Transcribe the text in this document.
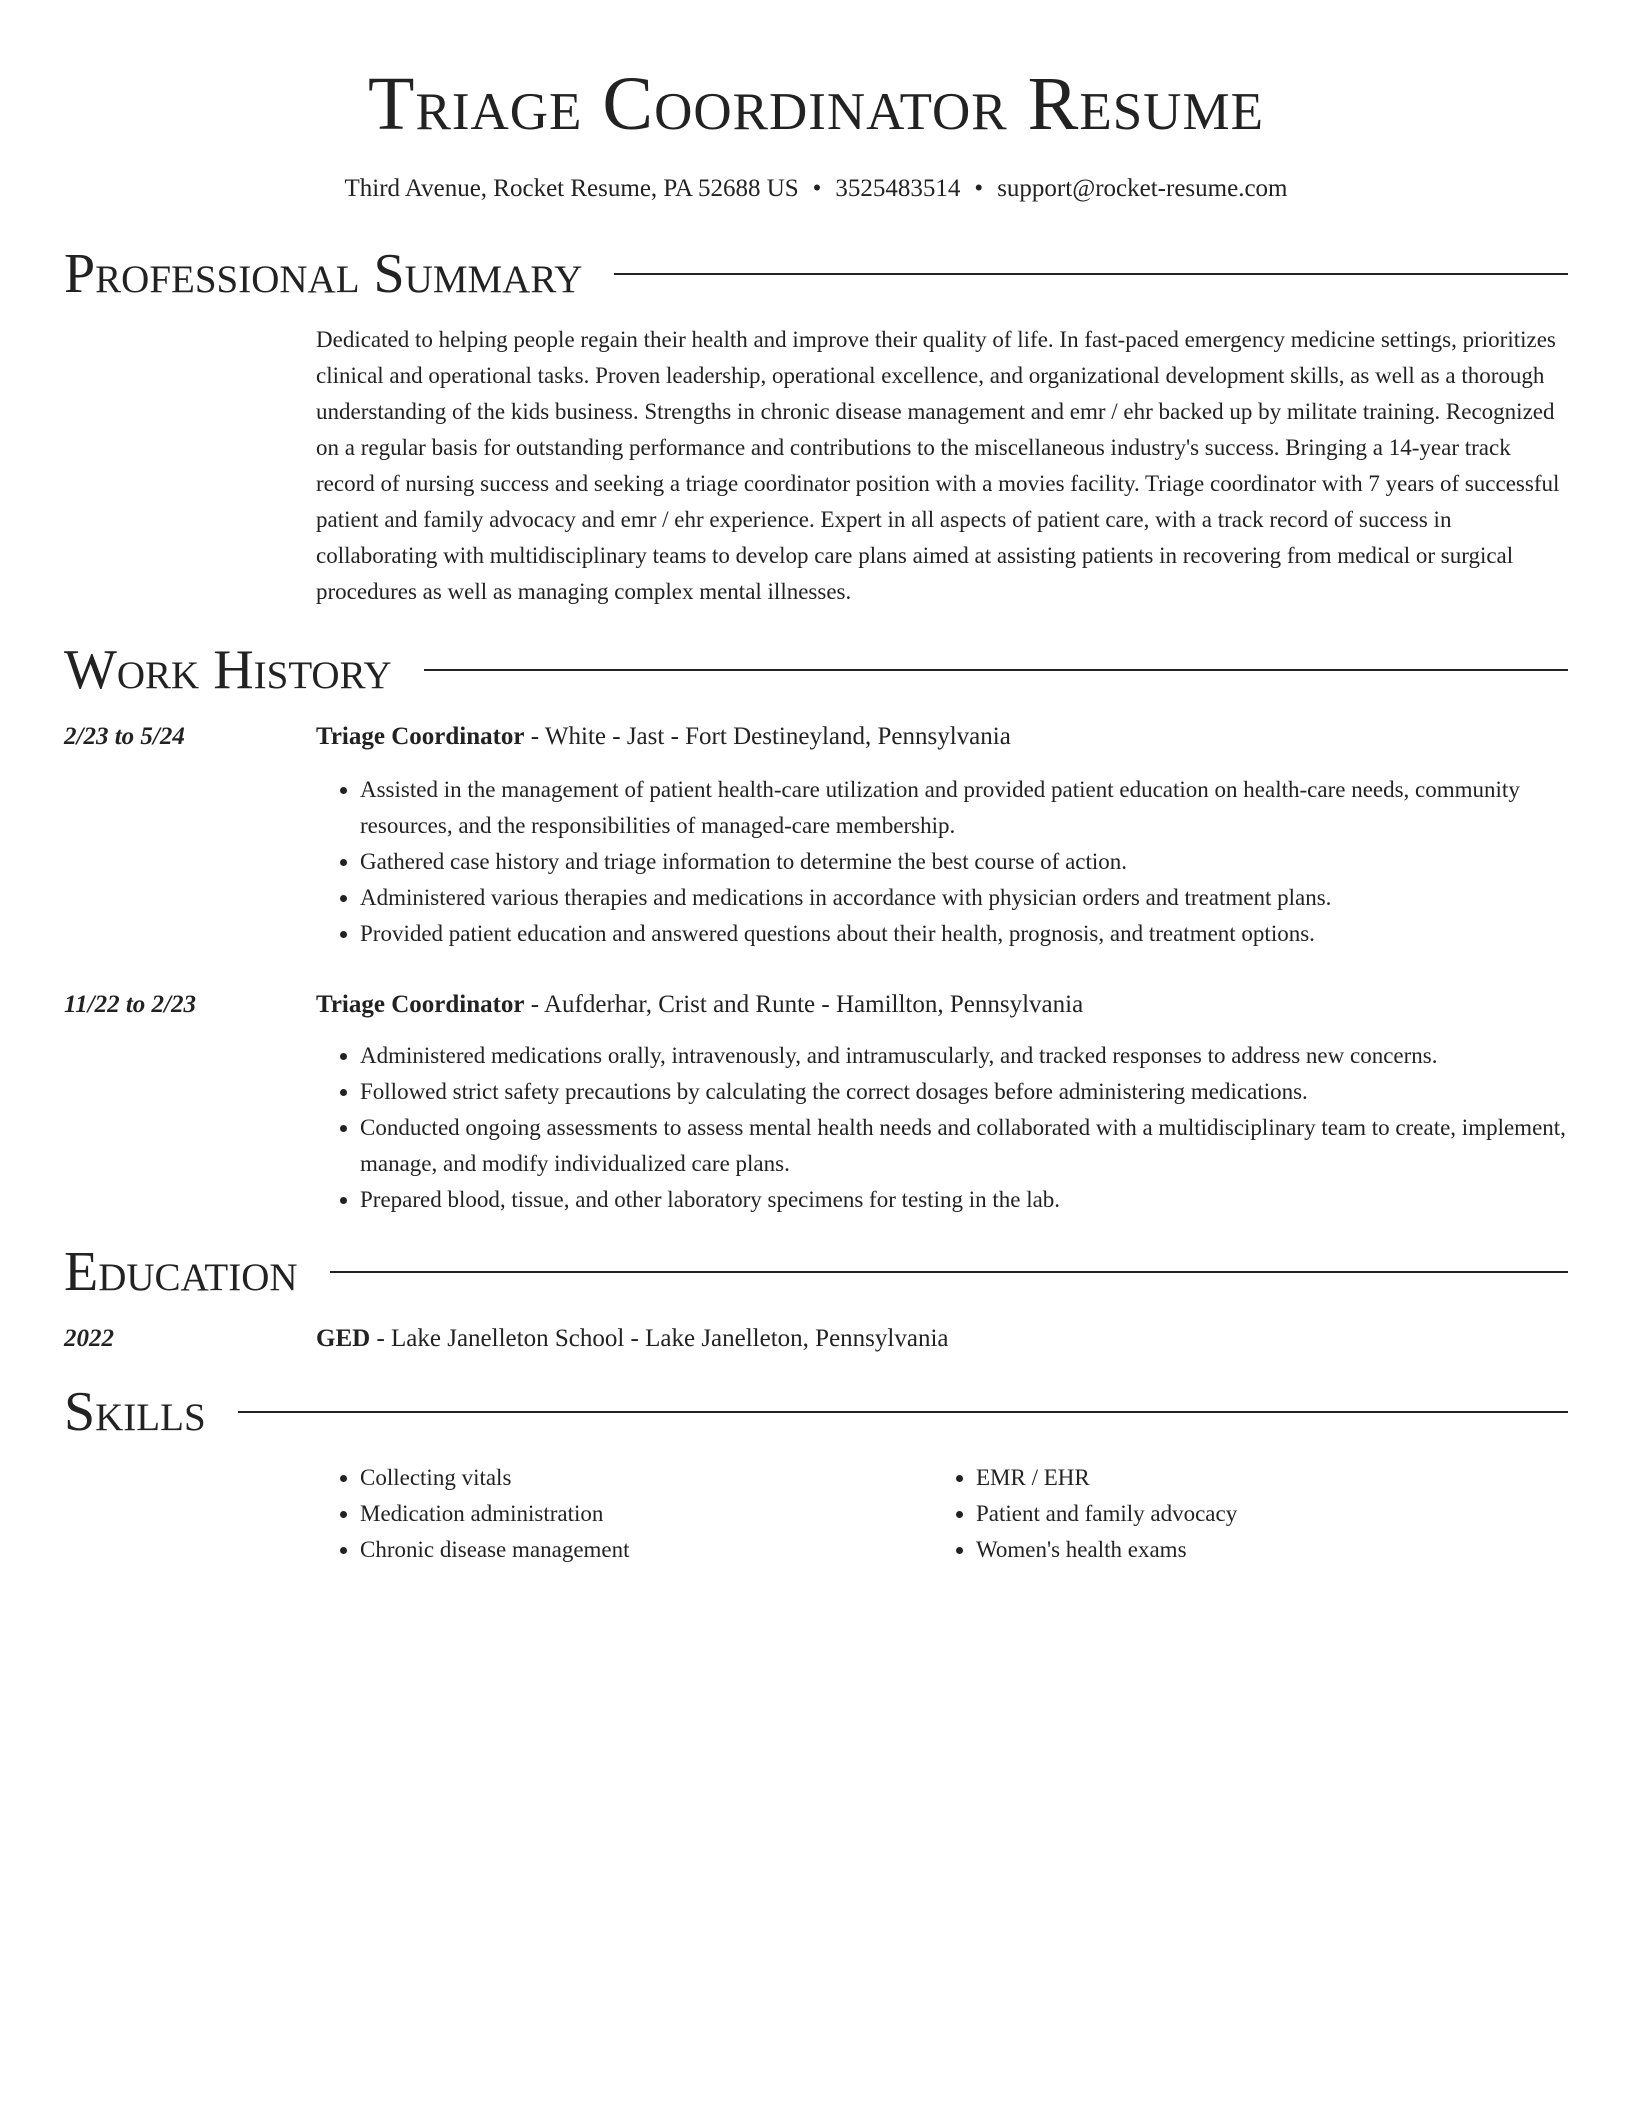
Triage Coordinator Resume
Third Avenue, Rocket Resume, PA 52688 US • 3525483514 • support@rocket-resume.com
Professional Summary

Dedicated to helping people regain their health and improve their quality of life. In fast-paced emergency medicine settings, prioritizes clinical and operational tasks. Proven leadership, operational excellence, and organizational development skills, as well as a thorough understanding of the kids business. Strengths in chronic disease management and emr / ehr backed up by militate training. Recognized on a regular basis for outstanding performance and contributions to the miscellaneous industry's success. Bringing a 14-year track record of nursing success and seeking a triage coordinator position with a movies facility. Triage coordinator with 7 years of successful patient and family advocacy and emr / ehr experience. Expert in all aspects of patient care, with a track record of success in collaborating with multidisciplinary teams to develop care plans aimed at assisting patients in recovering from medical or surgical procedures as well as managing complex mental illnesses.

Work History
2/23 to 5/24	Triage Coordinator - White - Jast - Fort Destineyland, Pennsylvania
• Assisted in the management of patient health-care utilization and provided patient education on health-care needs, community resources, and the responsibilities of managed-care membership.
• Gathered case history and triage information to determine the best course of action.
• Administered various therapies and medications in accordance with physician orders and treatment plans.
• Provided patient education and answered questions about their health, prognosis, and treatment options.
11/22 to 2/23	Triage Coordinator - Aufderhar, Crist and Runte - Hamillton, Pennsylvania
• Administered medications orally, intravenously, and intramuscularly, and tracked responses to address new concerns.
• Followed strict safety precautions by calculating the correct dosages before administering medications.
• Conducted ongoing assessments to assess mental health needs and collaborated with a multidisciplinary team to create, implement, manage, and modify individualized care plans.
• Prepared blood, tissue, and other laboratory specimens for testing in the lab.
Education
2022	GED - Lake Janelleton School - Lake Janelleton, Pennsylvania
Skills
• Collecting vitals
• Medication administration
• Chronic disease management
• EMR / EHR
• Patient and family advocacy
• Women's health exams
